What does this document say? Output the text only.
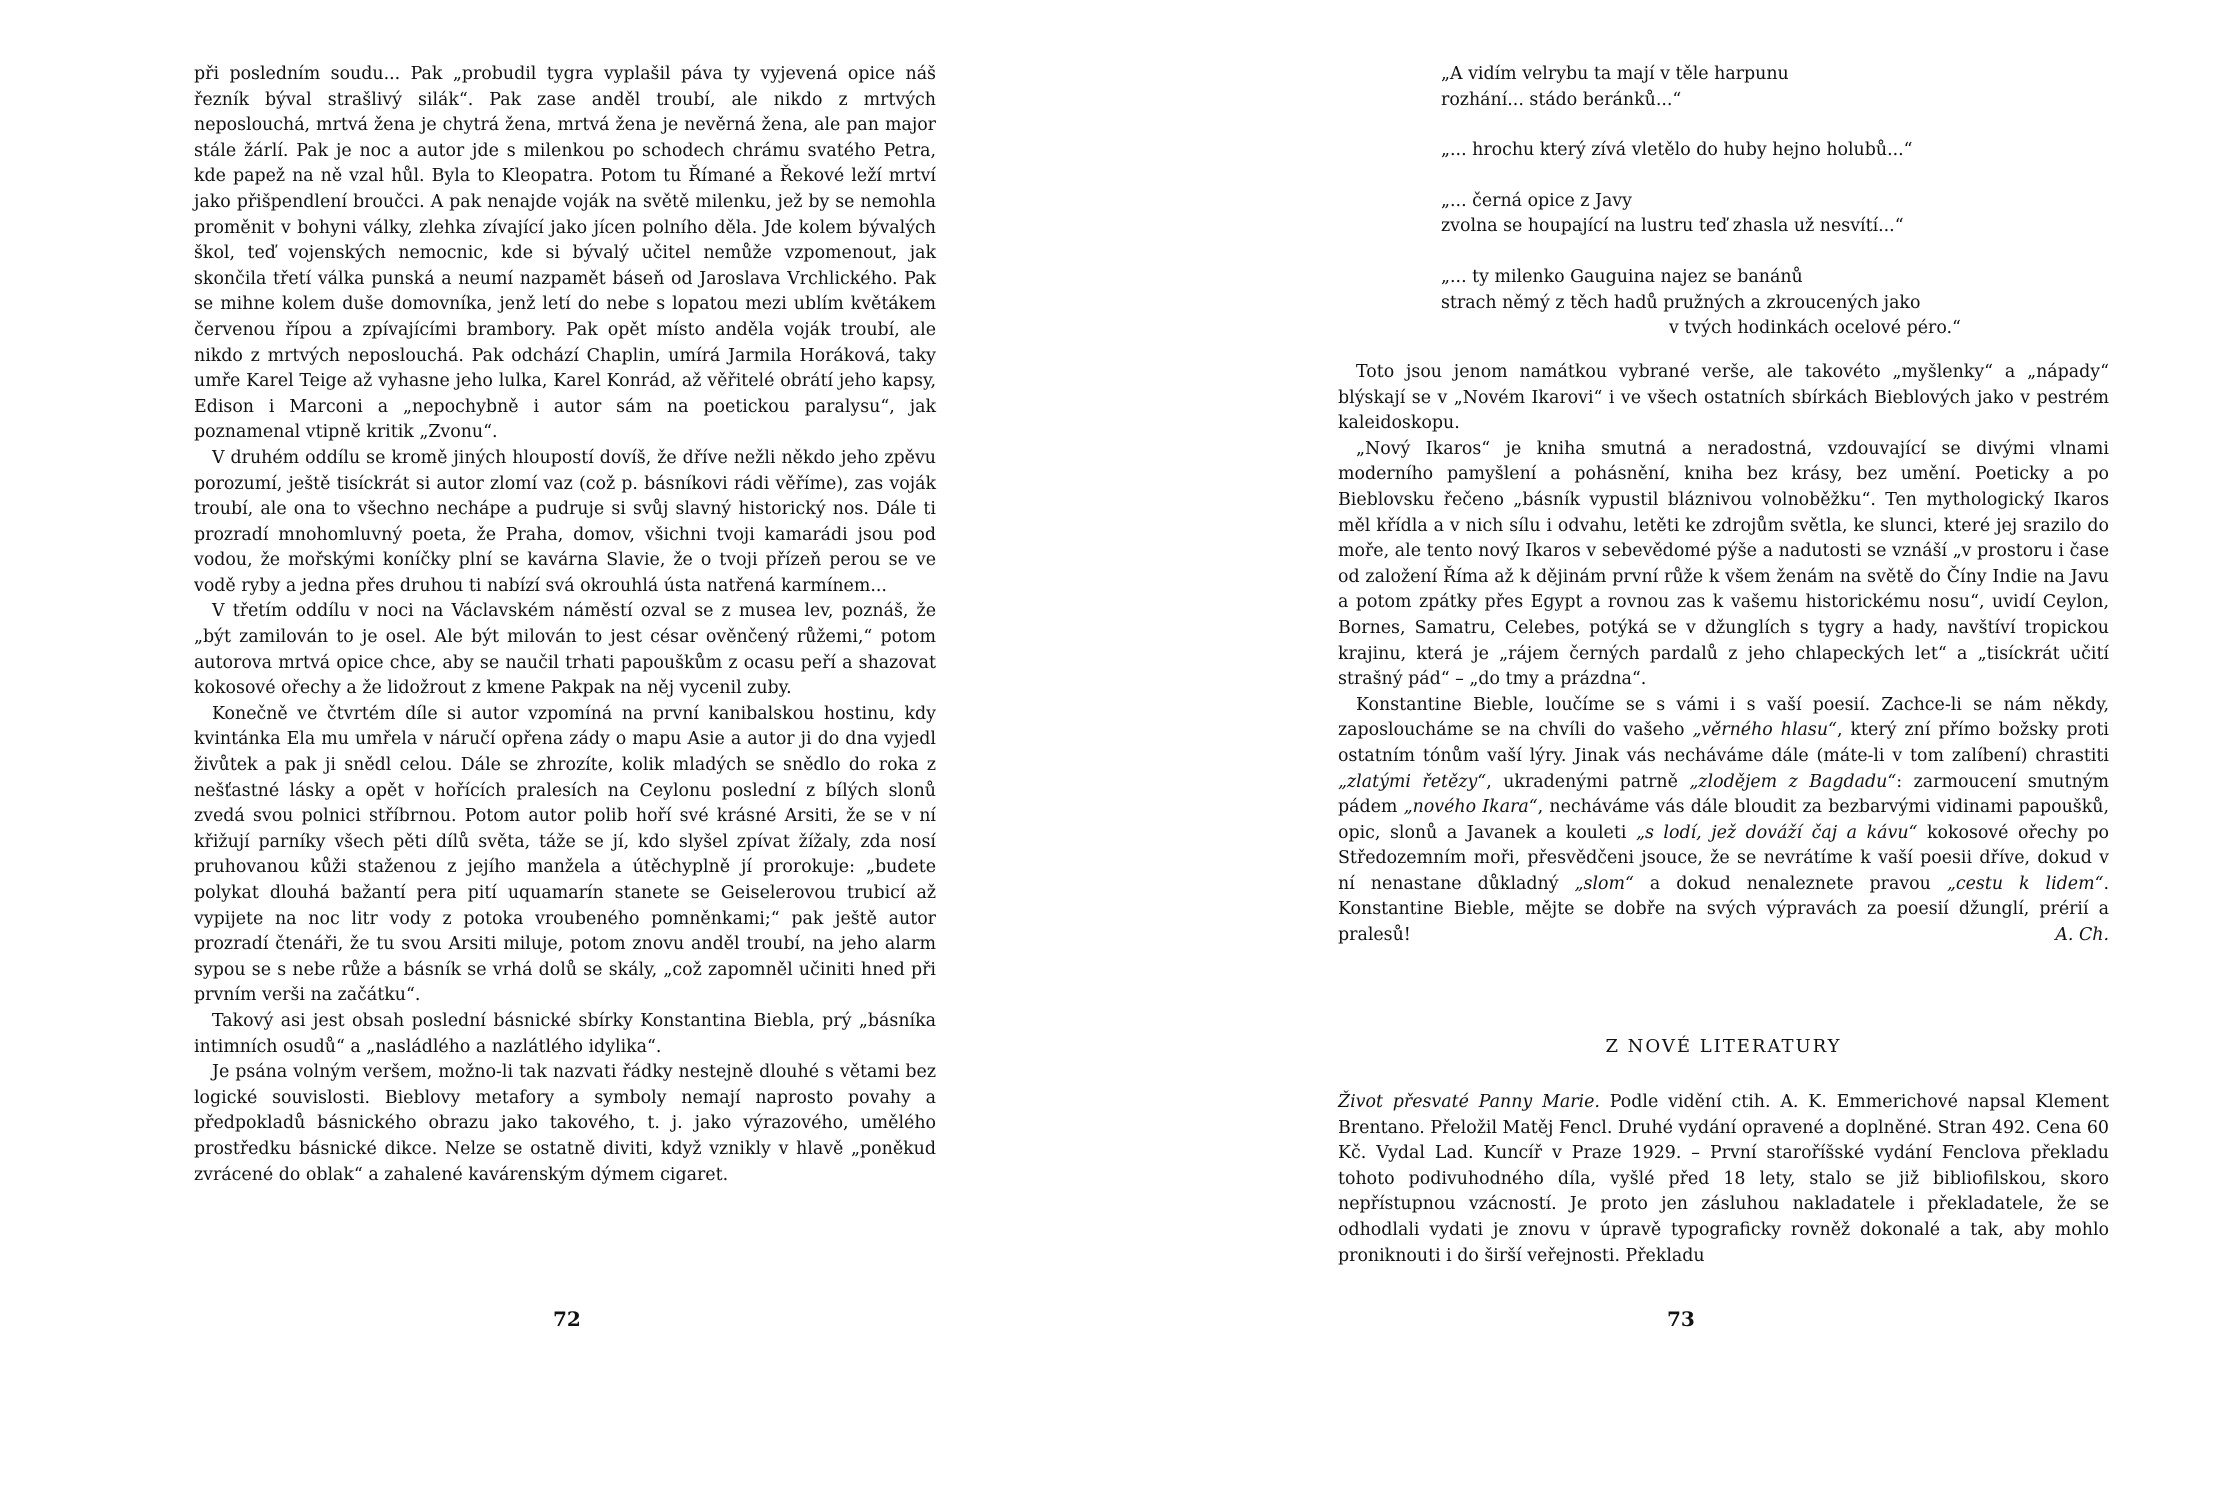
při posledním soudu... Pak „probudil tygra vyplašil páva ty vyjevená opice náš řezník býval strašlivý silák“. Pak zase anděl troubí, ale nikdo z mrtvých neposlouchá, mrtvá žena je chytrá žena, mrtvá žena je nevěrná žena, ale pan major stále žárlí. Pak je noc a autor jde s milenkou po schodech chrámu svatého Petra, kde papež na ně vzal hůl. Byla to Kleopatra. Potom tu Římané a Řekové leží mrtví jako přišpendlení broučci. A pak nenajde voják na světě milenku, jež by se nemohla proměnit v bohyni války, zlehka zívající jako jícen polního děla. Jde kolem bývalých škol, teď vojenských nemocnic, kde si bývalý učitel nemůže vzpomenout, jak skončila třetí válka punská a neumí nazpamět báseň od Jaroslava Vrchlického. Pak se mihne kolem duše domovníka, jenž letí do nebe s lopatou mezi ublím květákem červenou řípou a zpívajícími brambory. Pak opět místo anděla voják troubí, ale nikdo z mrtvých neposlouchá. Pak odchází Chaplin, umírá Jarmila Horáková, taky umře Karel Teige až vyhasne jeho lulka, Karel Konrád, až věřitelé obrátí jeho kapsy, Edison i Marconi a „nepochybně i autor sám na poetickou paralysu“, jak poznamenal vtipně kritik „Zvonu“.

V druhém oddílu se kromě jiných hloupostí dovíš, že dříve nežli někdo jeho zpěvu porozumí, ještě tisíckrát si autor zlomí vaz (což p. básníkovi rádi věříme), zas voják troubí, ale ona to všechno nechápe a pudruje si svůj slavný historický nos. Dále ti prozradí mnohomluvný poeta, že Praha, domov, všichni tvoji kamarádi jsou pod vodou, že mořskými koníčky plní se kavárna Slavie, že o tvoji přízeň perou se ve vodě ryby a jedna přes druhou ti nabízí svá okrouhlá ústa natřená karmínem...

V třetím oddílu v noci na Václavském náměstí ozval se z musea lev, poznáš, že „být zamilován to je osel. Ale být milován to jest césar ověnčený růžemi,“ potom autorova mrtvá opice chce, aby se naučil trhati papouškům z ocasu peří a shazovat kokosové ořechy a že lidožrout z kmene Pakpak na něj vycenil zuby.

Konečně ve čtvrtém díle si autor vzpomíná na první kanibalskou hostinu, kdy kvintánka Ela mu umřela v náručí opřena zády o mapu Asie a autor ji do dna vyjedl živůtek a pak ji snědl celou. Dále se zhrozíte, kolik mladých se snědlo do roka z nešťastné lásky a opět v hořících pralesích na Ceylonu poslední z bílých slonů zvedá svou polnici stříbrnou. Potom autor polib hoří své krásné Arsiti, že se v ní křižují parníky všech pěti dílů světa, táže se jí, kdo slyšel zpívat žížaly, zda nosí pruhovanou kůži staženou z jejího manžela a útěchyplně jí prorokuje: „budete polykat dlouhá bažantí pera pití uquamarín stanete se Geiselerovou trubicí až vypijete na noc litr vody z potoka vroubeného pomněnkami;“ pak ještě autor prozradí čtenáři, že tu svou Arsiti miluje, potom znovu anděl troubí, na jeho alarm sypou se s nebe růže a básník se vrhá dolů se skály, „což zapomněl učiniti hned při prvním verši na začátku“.

Takový asi jest obsah poslední básnické sbírky Konstantina Biebla, prý „básníka intimních osudů“ a „nasládlého a nazlátlého idylika“.

Je psána volným veršem, možno-li tak nazvati řádky nestejně dlouhé s větami bez logické souvislosti. Bieblovy metafory a symboly nemají naprosto povahy a předpokladů básnického obrazu jako takového, t. j. jako výrazového, umělého prostředku básnické dikce. Nelze se ostatně diviti, když vznikly v hlavě „poněkud zvrácené do oblak“ a zahalené kavárenským dýmem cigaret.

72
„A vidím velrybu ta mají v těle harpunu
rozhání... stádo beránků...“
„... hrochu který zívá vletělo do huby hejno holubů...“
„... černá opice z Javy
zvolna se houpající na lustru teď zhasla už nesvítí...“
„... ty milenko Gauguina najez se banánů
strach němý z těch hadů pružných a zkroucených jako
v tvých hodinkách ocelové péro.“

Toto jsou jenom namátkou vybrané verše, ale takovéto „myšlenky“ a „nápady“ blýskají se v „Novém Ikarovi“ i ve všech ostatních sbírkách Bieblových jako v pestrém kaleidoskopu.

„Nový Ikaros“ je kniha smutná a neradostná, vzdouvající se divými vlnami moderního pamyšlení a pohásnění, kniha bez krásy, bez umění. Poeticky a po Bieblovsku řečeno „básník vypustil bláznivou volnoběžku“. Ten mythologický Ikaros měl křídla a v nich sílu i odvahu, letěti ke zdrojům světla, ke slunci, které jej srazilo do moře, ale tento nový Ikaros v sebevědomé pýše a nadutosti se vznáší „v prostoru i čase od založení Říma až k dějinám první růže k všem ženám na světě do Číny Indie na Javu a potom zpátky přes Egypt a rovnou zas k vašemu historickému nosu“, uvidí Ceylon, Bornes, Samatru, Celebes, potýká se v džunglích s tygry a hady, navštíví tropickou krajinu, která je „rájem černých pardalů z jeho chlapeckých let“ a „tisíckrát učití strašný pád“ – „do tmy a prázdna“.

Konstantine Bieble, loučíme se s vámi i s vaší poesií. Zachce-li se nám někdy, zaposlouchámе se na chvíli do vašeho „věrného hlasu“, který zní přímo božsky proti ostatním tónům vaší lýry. Jinak vás necháváme dále (máte-li v tom zalíbení) chrastiti „zlatými řetězy“, ukradenými patrně „zlodějem z Bagdadu“: zarmoucení smutným pádem „nového Ikara“, necháváme vás dále bloudit za bezbarvými vidinami papoušků, opic, slonů a Javanek a kouleti „s lodí, jež dováží čaj a kávu“ kokosové ořechy po Středozemním moři, přesvědčeni jsouce, že se nevrátíme k vaší poesii dříve, dokud v ní nenastane důkladný „slom“ a dokud nenaleznete pravou „cestu k lidem“. Konstantine Bieble, mějte se dobře na svých výpravách za poesií džunglí, prérií a pralesů!	A. Ch.

Z NOVÉ LITERATURY

Život přesvaté Panny Marie. Podle vidění ctih. A. K. Emmerichové napsal Klement Brentano. Přeložil Matěj Fencl. Druhé vydání opravené a doplněné. Stran 492. Cena 60 Kč. Vydal Lad. Kuncíř v Praze 1929. – První staroříšské vydání Fenclova překladu tohoto podivuhodného díla, vyšlé před 18 lety, stalo se již bibliofilskou, skoro nepřístupnou vzácností. Je proto jen zásluhou nakladatele i překladatele, že se odhodlali vydati je znovu v úpravě typograficky rovněž dokonalé a tak, aby mohlo proniknouti i do širší veřejnosti. Překladu

73
